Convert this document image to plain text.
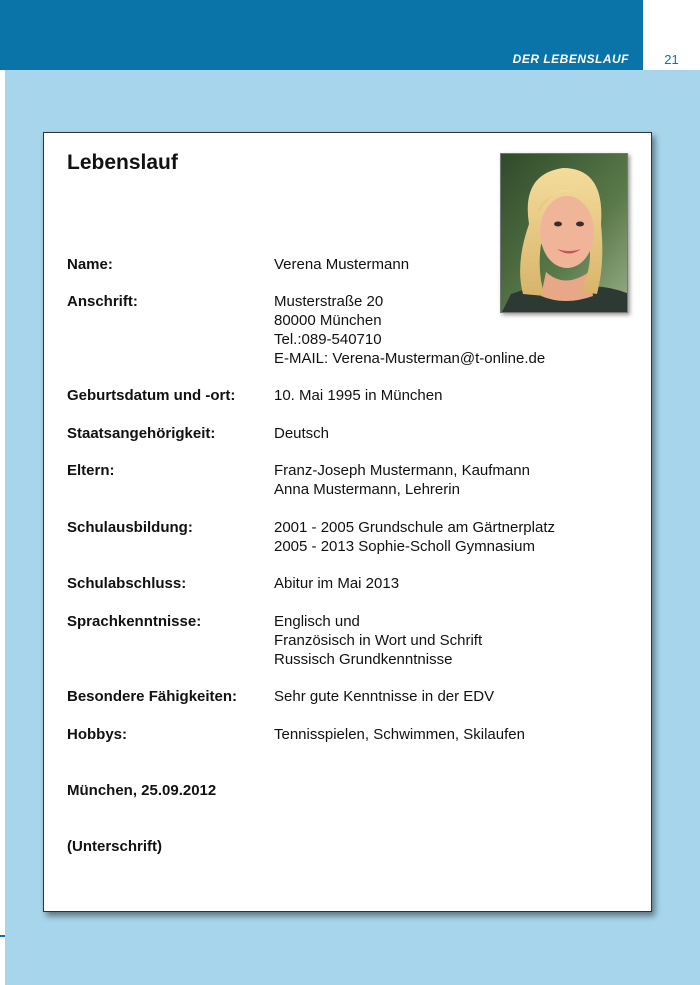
DER LEBENSLAUF	21
Lebenslauf
Name:	Verena Mustermann
Anschrift:	Musterstraße 20
80000 München
Tel.:089-540710
E-MAIL: Verena-Musterman@t-online.de
Geburtsdatum und -ort:	10. Mai 1995 in München
Staatsangehörigkeit:	Deutsch
Eltern:	Franz-Joseph Mustermann, Kaufmann
Anna Mustermann, Lehrerin
Schulausbildung:	2001 - 2005 Grundschule am Gärtnerplatz
2005 - 2013 Sophie-Scholl Gymnasium
Schulabschluss:	Abitur im Mai 2013
Sprachkenntnisse:	Englisch und
Französisch in Wort und Schrift
Russisch Grundkenntnisse
Besondere Fähigkeiten: Sehr gute Kenntnisse in der EDV
Hobbys:	Tennisspielen, Schwimmen, Skilaufen
München, 25.09.2012
(Unterschrift)
